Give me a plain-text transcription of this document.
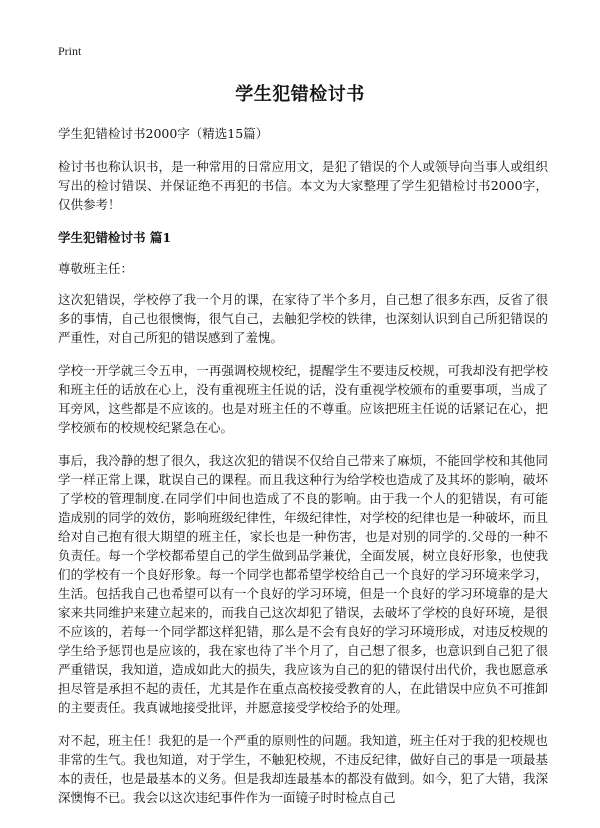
Print
学生犯错检讨书
学生犯错检讨书2000字（精选15篇）

检讨书也称认识书，是一种常用的日常应用文，是犯了错误的个人或领导向当事人或组织写出的检讨错误、并保证绝不再犯的书信。本文为大家整理了学生犯错检讨书2000字，仅供参考！

学生犯错检讨书 篇1

尊敬班主任：

这次犯错误，学校停了我一个月的课，在家待了半个多月，自己想了很多东西，反省了很多的事情，自己也很懊悔，很气自己，去触犯学校的铁律，也深刻认识到自己所犯错误的严重性，对自己所犯的错误感到了羞愧。

学校一开学就三令五申，一再强调校规校纪，提醒学生不要违反校规，可我却没有把学校和班主任的话放在心上，没有重视班主任说的话，没有重视学校颁布的重要事项，当成了耳旁风，这些都是不应该的。也是对班主任的不尊重。应该把班主任说的话紧记在心，把学校颁布的校规校纪紧急在心。

事后，我冷静的想了很久，我这次犯的错误不仅给自己带来了麻烦，不能回学校和其他同学一样正常上课，耽误自己的课程。而且我这种行为给学校也造成了及其坏的影响，破坏了学校的管理制度.在同学们中间也造成了不良的影响。由于我一个人的犯错误，有可能造成别的同学的效仿，影响班级纪律性，年级纪律性，对学校的纪律也是一种破坏，而且给对自己抱有很大期望的班主任，家长也是一种伤害，也是对别的同学的.父母的一种不负责任。每一个学校都希望自己的学生做到品学兼优，全面发展，树立良好形象，也使我们的学校有一个良好形象。每一个同学也都希望学校给自己一个良好的学习环境来学习，生活。包括我自己也希望可以有一个良好的学习环境，但是一个良好的学习环境靠的是大家来共同维护来建立起来的，而我自己这次却犯了错误，去破坏了学校的良好环境，是很不应该的，若每一个同学都这样犯错，那么是不会有良好的学习环境形成，对违反校规的学生给予惩罚也是应该的，我在家也待了半个月了，自己想了很多，也意识到自己犯了很严重错误，我知道，造成如此大的损失，我应该为自己的犯的错误付出代价，我也愿意承担尽管是承担不起的责任，尤其是作在重点高校接受教育的人，在此错误中应负不可推卸的主要责任。我真诚地接受批评，并愿意接受学校给予的处理。

对不起，班主任！我犯的是一个严重的原则性的问题。我知道，班主任对于我的犯校规也非常的生气。我也知道，对于学生，不触犯校规，不违反纪律，做好自己的事是一项最基本的责任，也是最基本的义务。但是我却连最基本的都没有做到。如今，犯了大错，我深深懊悔不已。我会以这次违纪事件作为一面镜子时时检点自己
